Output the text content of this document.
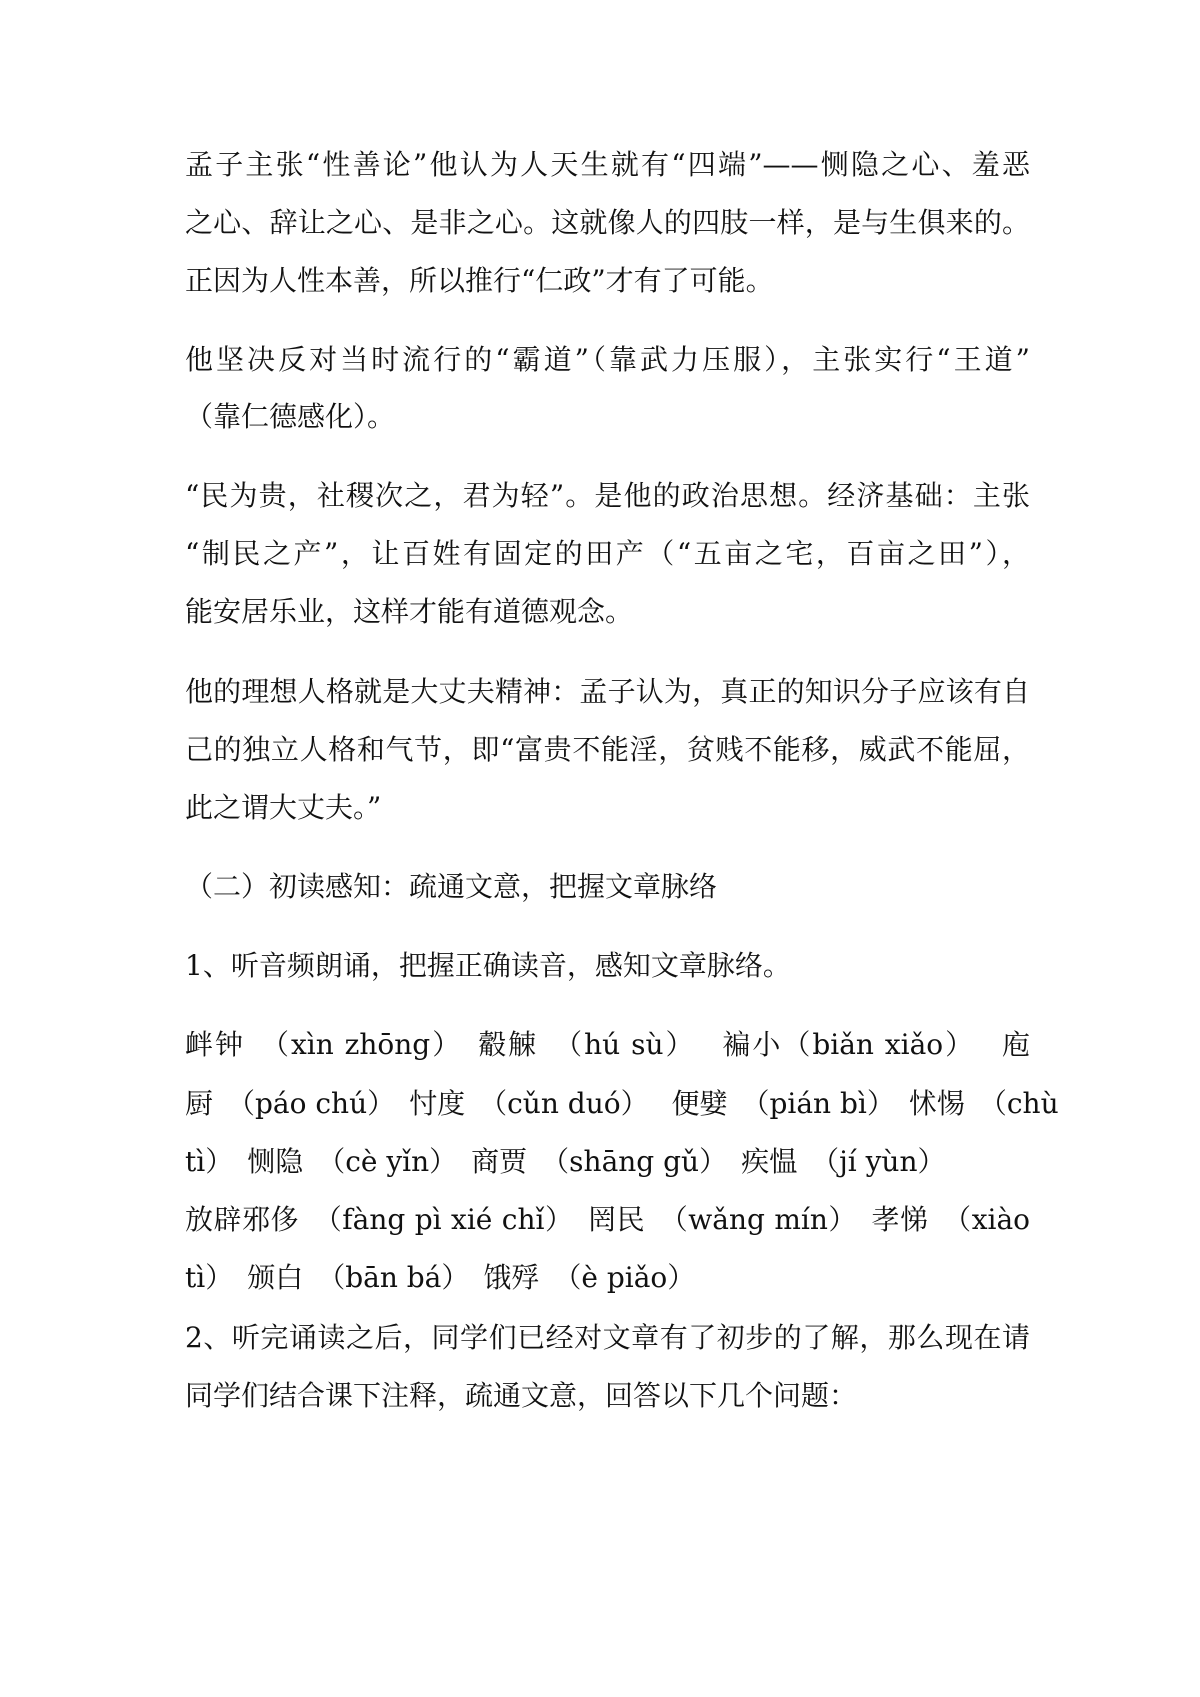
孟子主张“性善论”他认为人天生就有“四端”——恻隐之心、羞恶
之心、辞让之心、是非之心。这就像人的四肢一样，是与生俱来的。
正因为人性本善，所以推行“仁政”才有了可能。
他坚决反对当时流行的“霸道”（靠武力压服），主张实行“王道”
（靠仁德感化）。
“民为贵，社稷次之，君为轻”。是他的政治思想。经济基础：主张
“制民之产”，让百姓有固定的田产（“五亩之宅，百亩之田”），
能安居乐业，这样才能有道德观念。
他的理想人格就是大丈夫精神：孟子认为，真正的知识分子应该有自
己的独立人格和气节，即“富贵不能淫，贫贱不能移，威武不能屈，
此之谓大丈夫。”
（二）初读感知：疏通文意，把握文章脉络
1、听音频朗诵，把握正确读音，感知文章脉络。
衅钟　（xìn zhōng）　觳觫　（hú sù）　 褊小（biǎn xiǎo）　 庖
厨　（páo chú）　忖度　（cǔn duó）　 便嬖　（pián bì）　怵惕　（chù
tì）　恻隐　（cè yǐn）　商贾　（shāng gǔ）　疾愠　（jí yùn）
放辟邪侈　（fàng pì xié chǐ）　罔民　（wǎng mín）　孝悌　（xiào
tì）　颁白　（bān bá）　饿殍　（è piǎo）
2、听完诵读之后，同学们已经对文章有了初步的了解，那么现在请
同学们结合课下注释，疏通文意，回答以下几个问题：
